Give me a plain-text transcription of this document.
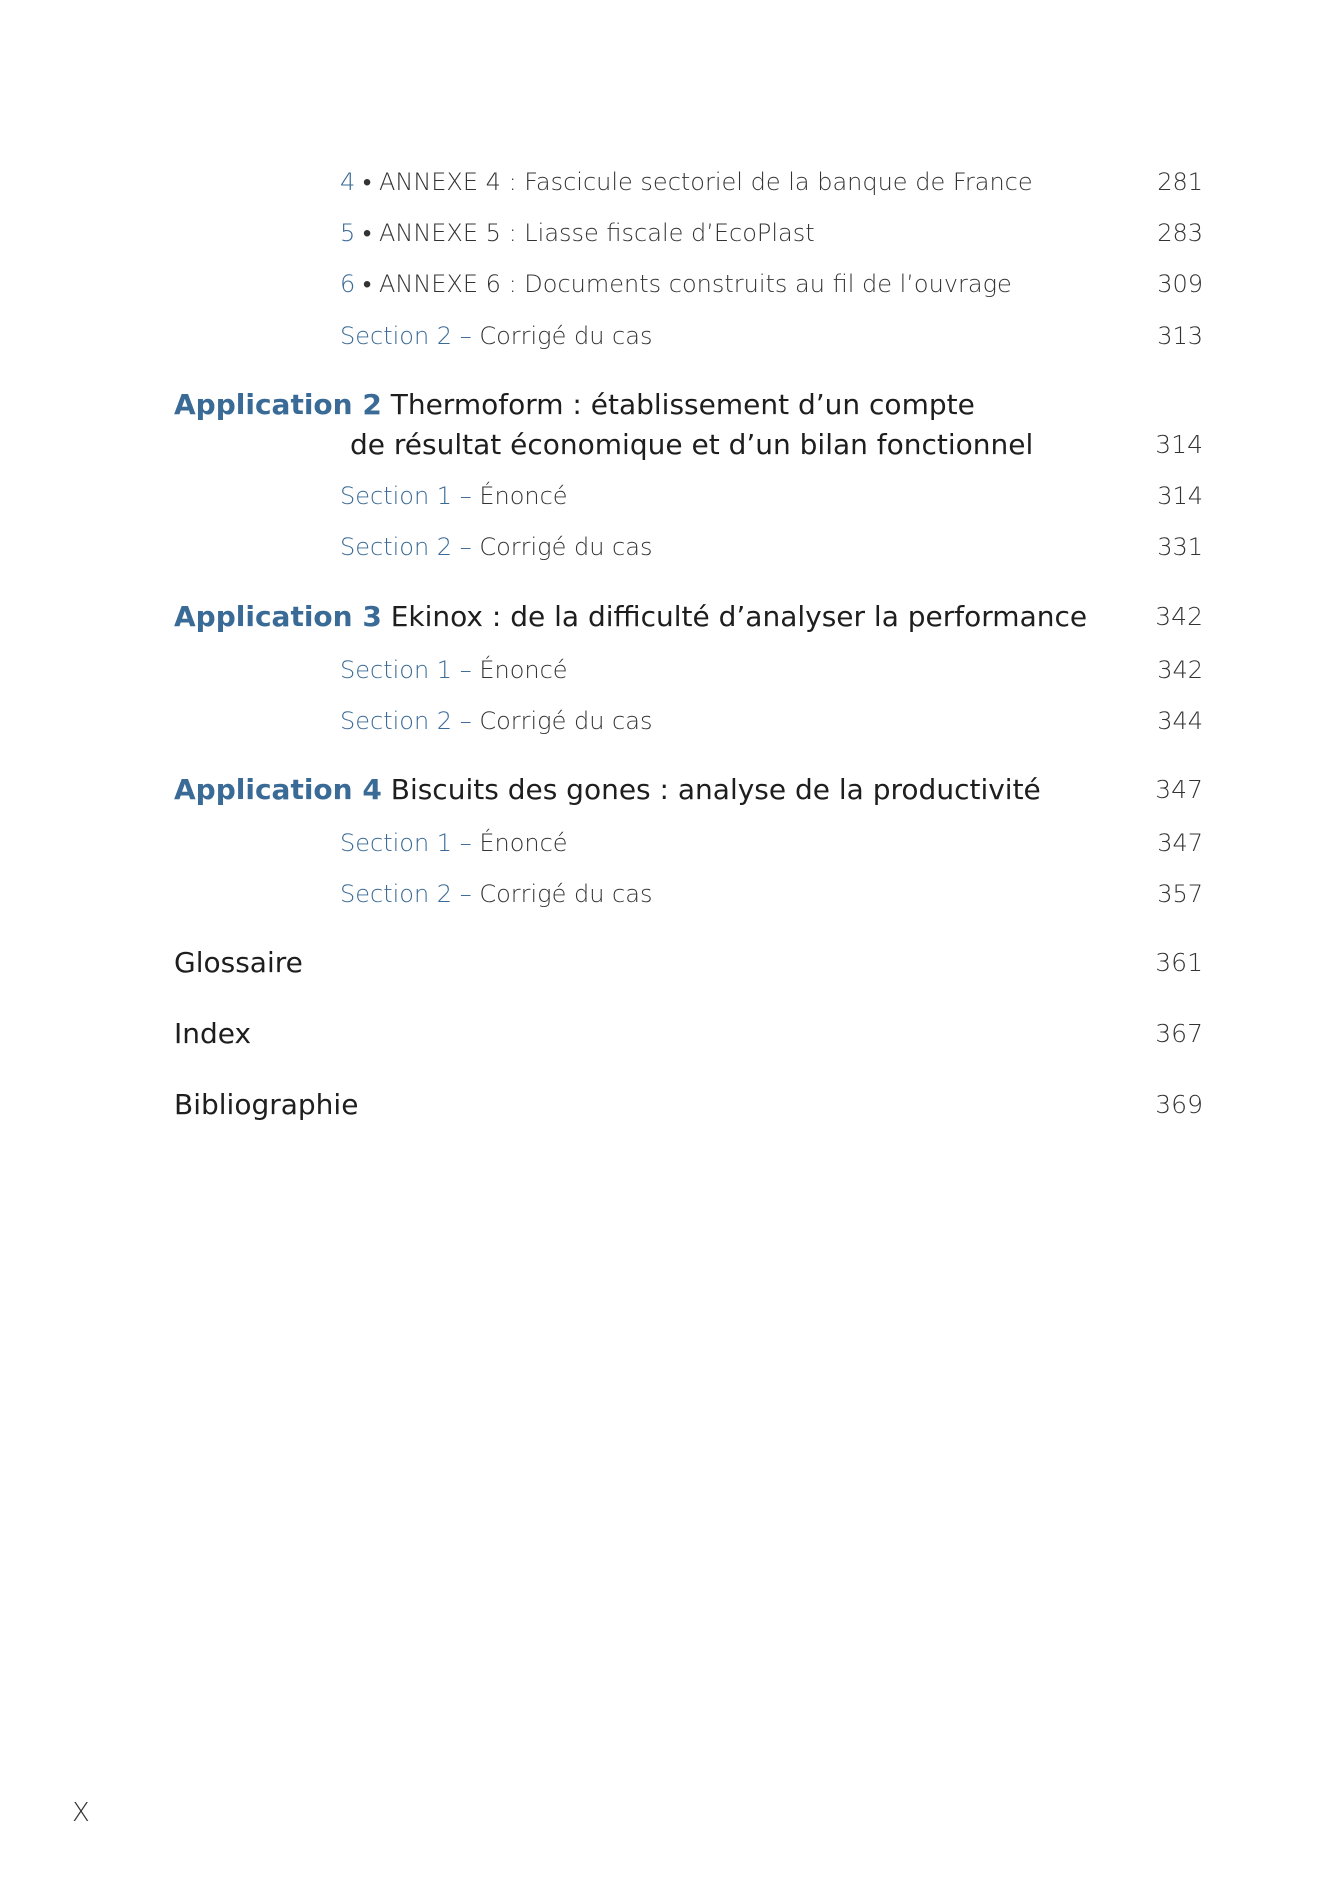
4 • ANNEXE 4 : Fascicule sectoriel de la banque de France	281
5 • ANNEXE 5 : Liasse fiscale d’EcoPlast	283
6 • ANNEXE 6 : Documents construits au fil de l’ouvrage	309
Section 2 – Corrigé du cas	313
Application 2 Thermoform : établissement d’un compte
de résultat économique et d’un bilan fonctionnel	314
Section 1 – Énoncé	314
Section 2 – Corrigé du cas	331
Application 3 Ekinox : de la difficulté d’analyser la performance	342
Section 1 – Énoncé	342
Section 2 – Corrigé du cas	344
Application 4 Biscuits des gones : analyse de la productivité	347
Section 1 – Énoncé	347
Section 2 – Corrigé du cas	357
Glossaire	361
Index	367
Bibliographie	369
X
